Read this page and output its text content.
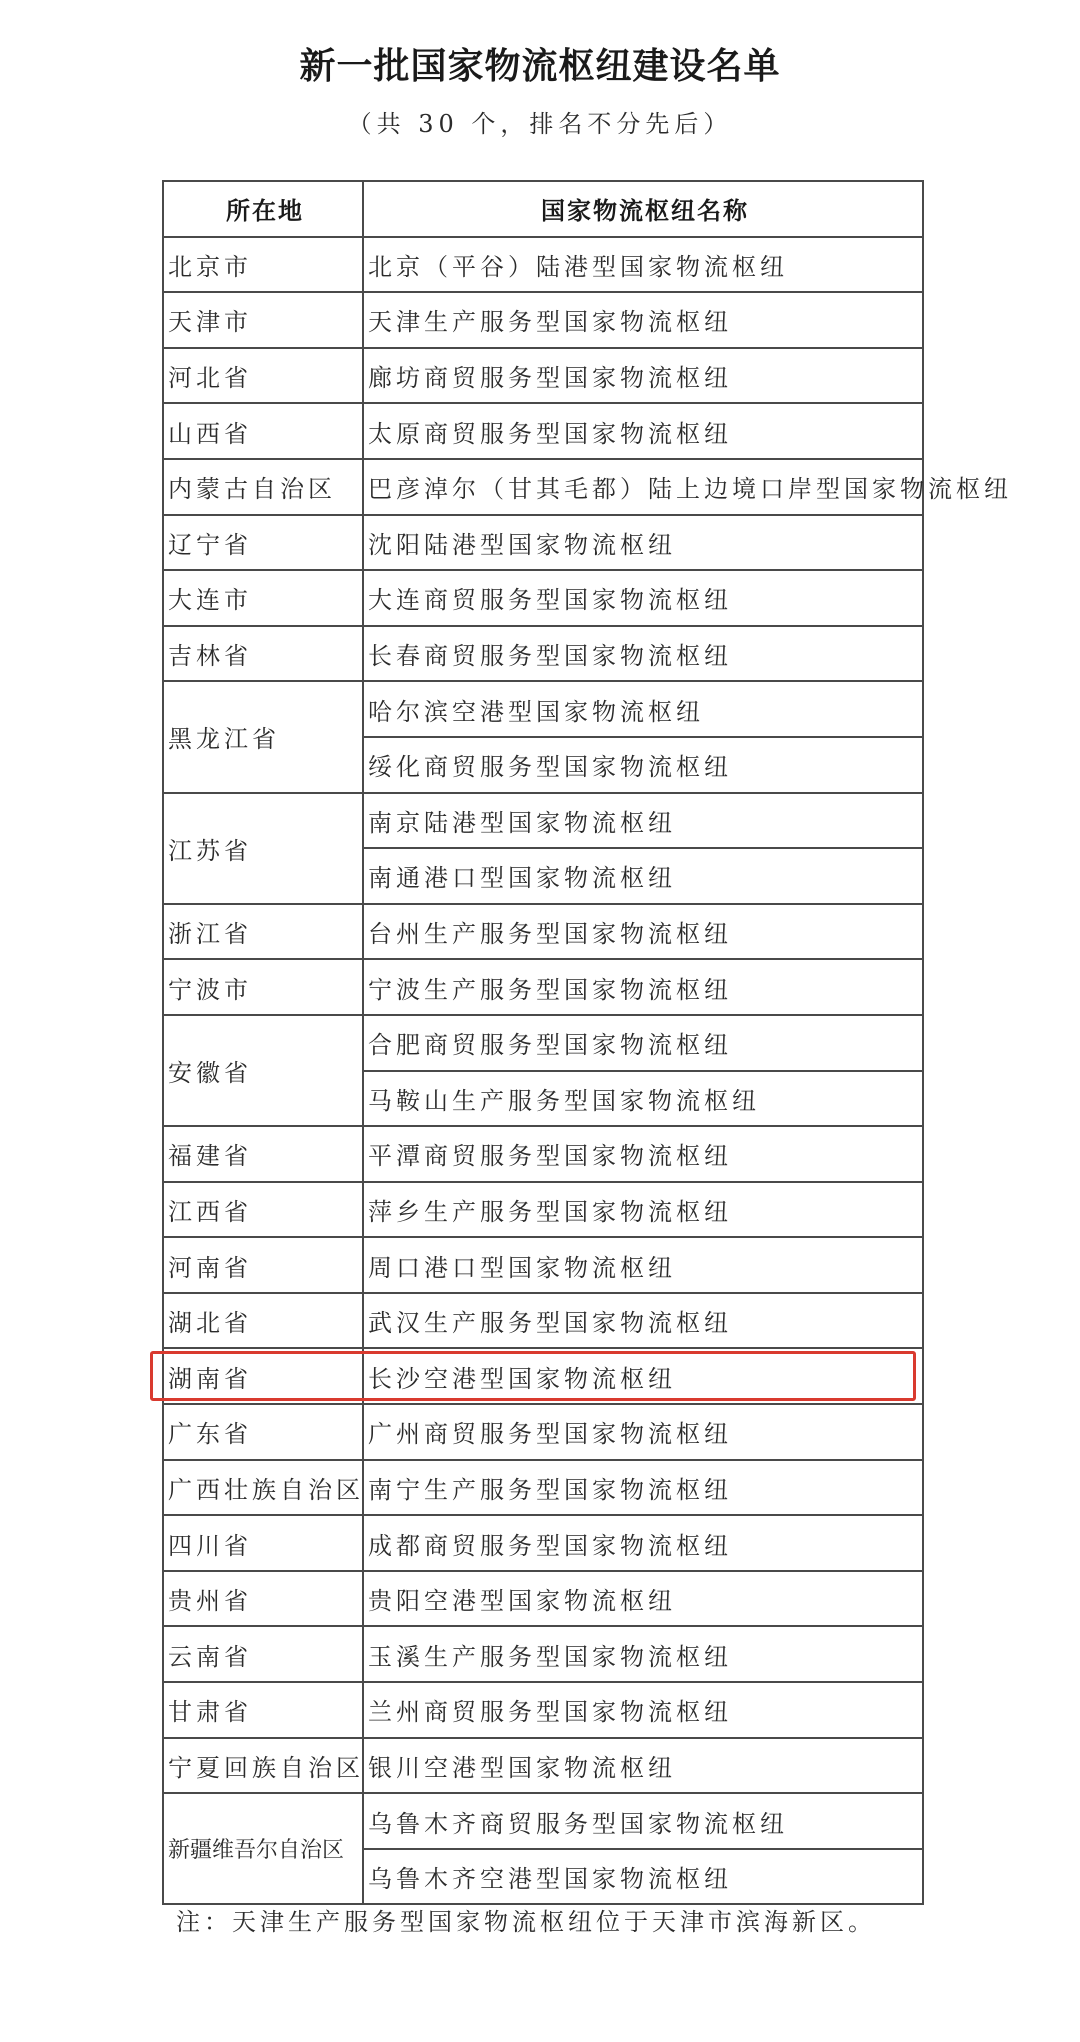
新一批国家物流枢纽建设名单
（共 30 个，排名不分先后）
所在地	国家物流枢纽名称
北京市	北京（平谷）陆港型国家物流枢纽
天津市	天津生产服务型国家物流枢纽
河北省	廊坊商贸服务型国家物流枢纽
山西省	太原商贸服务型国家物流枢纽
内蒙古自治区	巴彦淖尔（甘其毛都）陆上边境口岸型国家物流枢纽
辽宁省	沈阳陆港型国家物流枢纽
大连市	大连商贸服务型国家物流枢纽
吉林省	长春商贸服务型国家物流枢纽
黑龙江省	哈尔滨空港型国家物流枢纽
	绥化商贸服务型国家物流枢纽
江苏省	南京陆港型国家物流枢纽
	南通港口型国家物流枢纽
浙江省	台州生产服务型国家物流枢纽
宁波市	宁波生产服务型国家物流枢纽
安徽省	合肥商贸服务型国家物流枢纽
	马鞍山生产服务型国家物流枢纽
福建省	平潭商贸服务型国家物流枢纽
江西省	萍乡生产服务型国家物流枢纽
河南省	周口港口型国家物流枢纽
湖北省	武汉生产服务型国家物流枢纽
湖南省	长沙空港型国家物流枢纽
广东省	广州商贸服务型国家物流枢纽
广西壮族自治区	南宁生产服务型国家物流枢纽
四川省	成都商贸服务型国家物流枢纽
贵州省	贵阳空港型国家物流枢纽
云南省	玉溪生产服务型国家物流枢纽
甘肃省	兰州商贸服务型国家物流枢纽
宁夏回族自治区	银川空港型国家物流枢纽
新疆维吾尔自治区	乌鲁木齐商贸服务型国家物流枢纽
	乌鲁木齐空港型国家物流枢纽
注：天津生产服务型国家物流枢纽位于天津市滨海新区。
